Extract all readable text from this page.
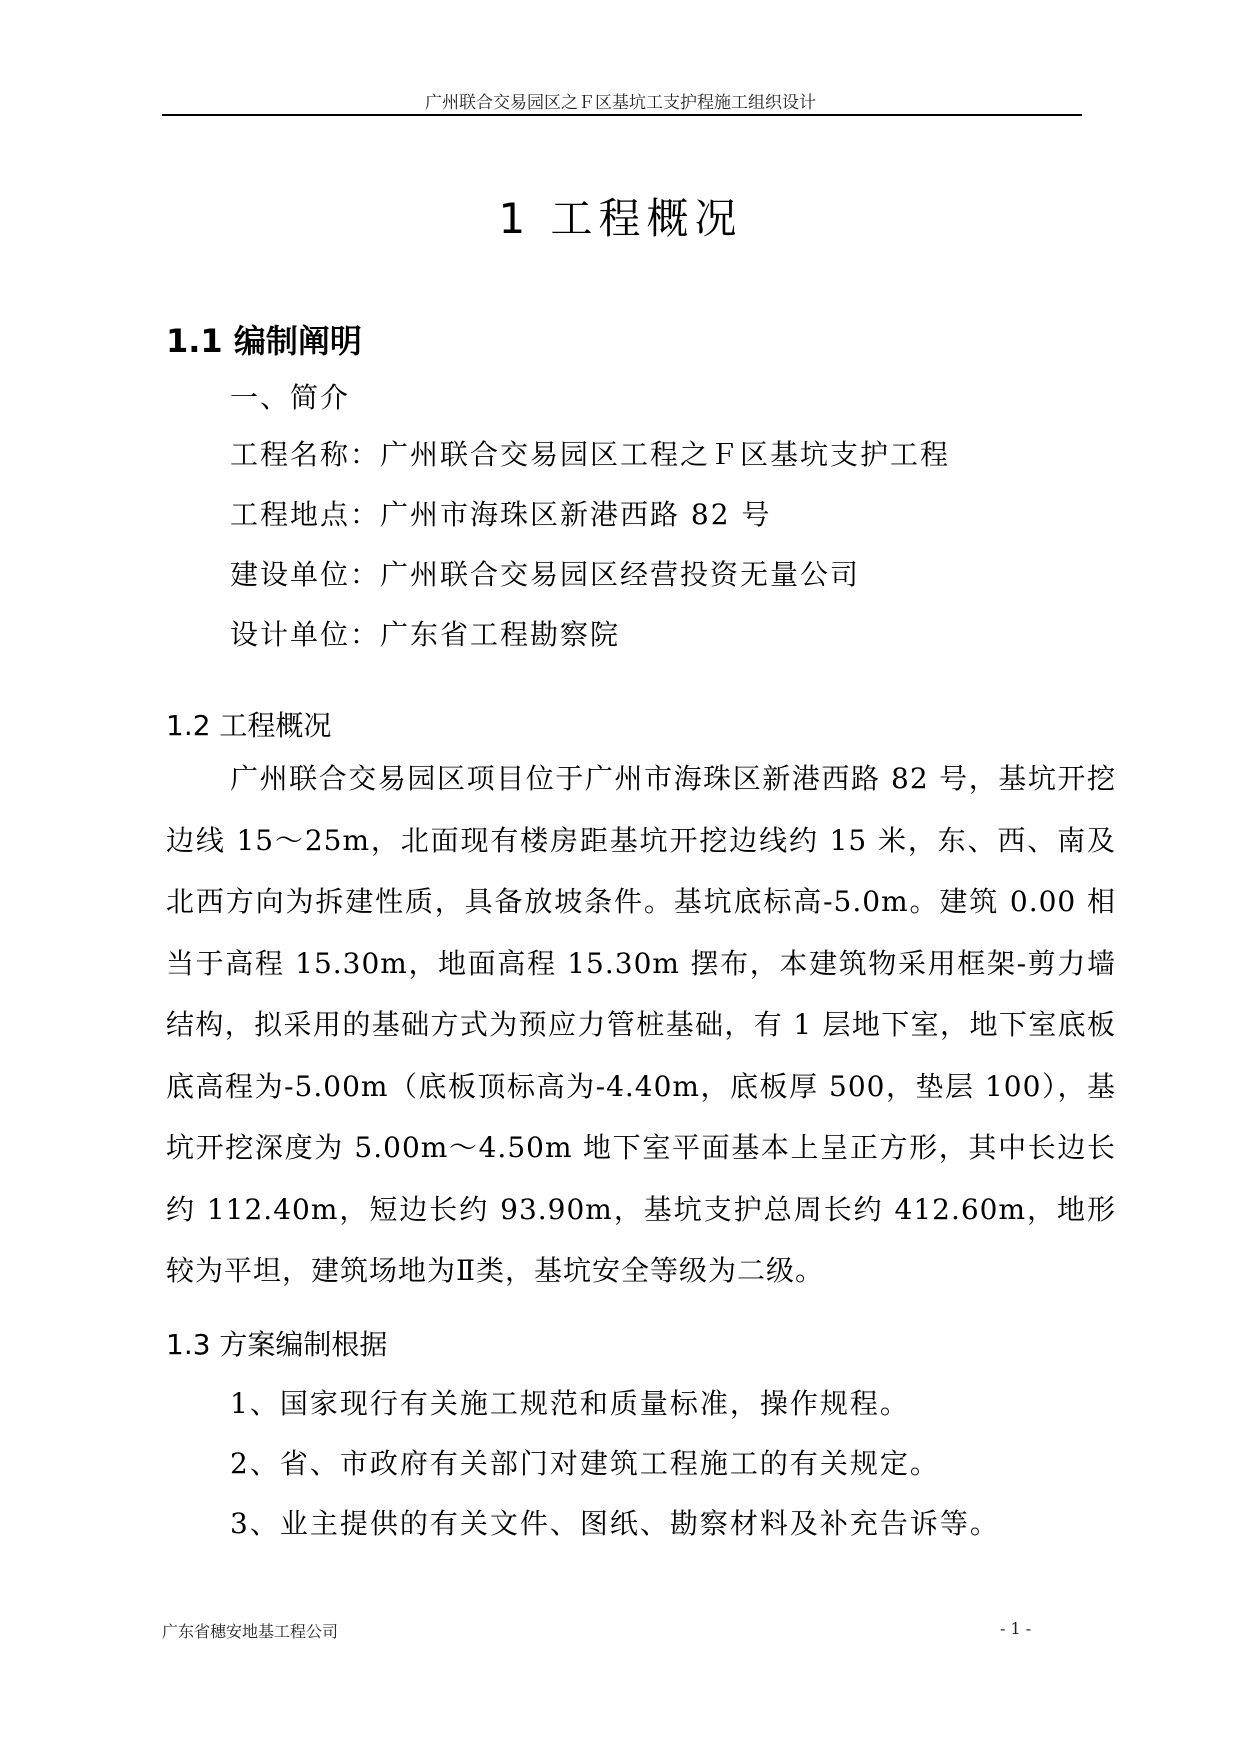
广州联合交易园区之Ｆ区基坑工支护程施工组织设计
1 工程概况
1.1 编制阐明
一、简介
工程名称：广州联合交易园区工程之Ｆ区基坑支护工程
工程地点：广州市海珠区新港西路 82 号
建设单位：广州联合交易园区经营投资无量公司
设计单位：广东省工程勘察院
1.2 工程概况
广州联合交易园区项目位于广州市海珠区新港西路 82 号，基坑开挖边线 15～25m，北面现有楼房距基坑开挖边线约 15 米，东、西、南及北西方向为拆建性质，具备放坡条件。基坑底标高-5.0m。建筑 0.00 相当于高程 15.30m，地面高程 15.30m 摆布，本建筑物采用框架-剪力墙结构，拟采用的基础方式为预应力管桩基础，有 1 层地下室，地下室底板底高程为-5.00m（底板顶标高为-4.40m，底板厚 500，垫层 100），基坑开挖深度为 5.00m～4.50m 地下室平面基本上呈正方形，其中长边长约 112.40m，短边长约 93.90m，基坑支护总周长约 412.60m，地形较为平坦，建筑场地为Ⅱ类，基坑安全等级为二级。
1.3 方案编制根据
1、国家现行有关施工规范和质量标准，操作规程。
2、省、市政府有关部门对建筑工程施工的有关规定。
3、业主提供的有关文件、图纸、勘察材料及补充告诉等。
广东省穗安地基工程公司	- 1 -
